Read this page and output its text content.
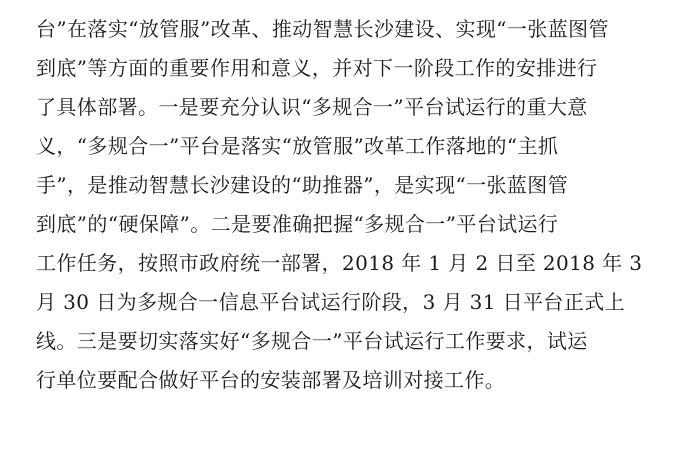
台”在落实“放管服”改革、推动智慧长沙建设、实现“一张蓝图管
到底”等方面的重要作用和意义，并对下一阶段工作的安排进行
了具体部署。一是要充分认识“多规合一”平台试运行的重大意
义，“多规合一”平台是落实“放管服”改革工作落地的“主抓
手”，是推动智慧长沙建设的“助推器”，是实现“一张蓝图管
到底”的“硬保障”。二是要准确把握“多规合一”平台试运行
工作任务，按照市政府统一部署，2018 年 1 月 2 日至 2018 年 3
月 30 日为多规合一信息平台试运行阶段，3 月 31 日平台正式上
线。三是要切实落实好“多规合一”平台试运行工作要求，试运
行单位要配合做好平台的安装部署及培训对接工作。
